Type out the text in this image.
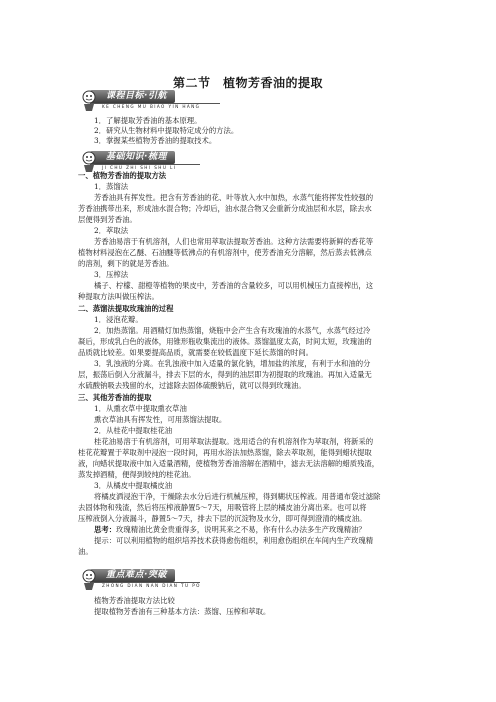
第二节　植物芳香油的提取
课程目标·引航
KE CHENG MU BIAO YIN HANG
1．了解提取芳香油的基本原理。
2．研究从生物材料中提取特定成分的方法。
3．掌握某些植物芳香油的提取技术。
基础知识·梳理
JI CHU ZHI SHI SHU LI
一、植物芳香油的提取方法
1．蒸馏法
芳香油具有挥发性。把含有芳香油的花、叶等放入水中加热，水蒸气能将挥发性较强的
芳香油携带出来，形成油水混合物；冷却后，油水混合物又会重新分成油层和水层，除去水
层便得到芳香油。
2．萃取法
芳香油易溶于有机溶剂，人们也常用萃取法提取芳香油。这种方法需要将新鲜的香花等
植物材料浸泡在乙醚、石油醚等低沸点的有机溶剂中，使芳香油充分溶解，然后蒸去低沸点
的溶剂，剩下的就是芳香油。
3．压榨法
橘子、柠檬、甜橙等植物的果皮中，芳香油的含量较多，可以用机械压力直接榨出，这
种提取方法叫做压榨法。
二、蒸馏法提取玫瑰油的过程
1．浸泡花瓣。
2．加热蒸馏。用酒精灯加热蒸馏，烧瓶中会产生含有玫瑰油的水蒸气，水蒸气经过冷
凝后，形成乳白色的液体，用锥形瓶收集流出的液体。蒸馏温度太高，时间太短，玫瑰油的
品质就比较差。如果要提高品质，就需要在较低温度下延长蒸馏的时间。
3．乳浊液的分离。在乳浊液中加入适量的氯化钠，增加盐的浓度，有利于水和油的分
层，振荡后倒入分液漏斗，排去下层的水，得到的油层即为初提取的玫瑰油。再加入适量无
水硫酸钠吸去残留的水，过滤除去固体硫酸钠后，就可以得到玫瑰油。
三、其他芳香油的提取
1．从熏衣草中提取熏衣草油
熏衣草油具有挥发性，可用蒸馏法提取。
2．从桂花中提取桂花油
桂花油易溶于有机溶剂，可用萃取法提取。选用适合的有机溶剂作为萃取剂，将新采的
桂花花瓣置于萃取剂中浸泡一段时间，再用水浴法加热蒸馏，除去萃取剂，能得到蜡状提取
液，向蜡状提取液中加入适量酒精，使植物芳香油溶解在酒精中，滤去无法溶解的蜡质残渣，
蒸发掉酒精，便得到较纯的桂花油。
3．从橘皮中提取橘皮油
将橘皮洒浸泡干净，干燥除去水分后进行机械压榨，得到糊状压榨液。用普通布袋过滤除
去固体物和残渣，然后将压榨液静置5～7天，用吸管将上层的橘皮油分离出来。也可以将
压榨液倒入分液漏斗，静置5～7天，排去下层的沉淀物及水分，即可得到澄清的橘皮油。
思考：玫瑰精油比黄金贵重得多，说明其来之不易，你有什么办法多生产玫瑰精油？
提示：可以利用植物的组织培养技术获得愈伤组织，利用愈伤组织在车间内生产玫瑰精
油。
重点难点·突破
ZHONG DIAN NAN DIAN TU PO
植物芳香油提取方法比较
提取植物芳香油有三种基本方法：蒸馏、压榨和萃取。
